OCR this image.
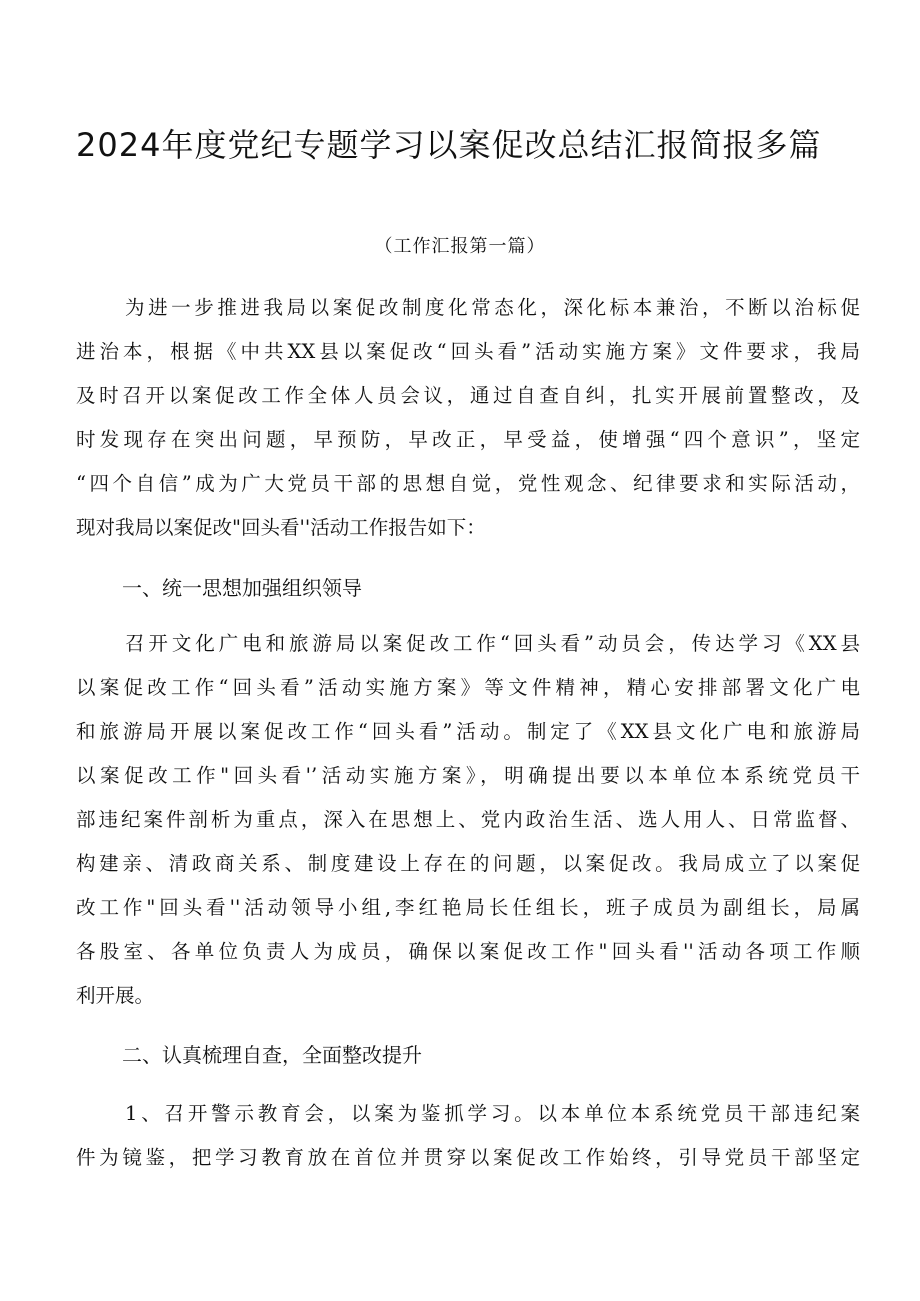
2024年度党纪专题学习以案促改总结汇报简报多篇
（工作汇报第一篇）
为进一步推进我局以案促改制度化常态化，深化标本兼治，不断以治标促
进治本，根据《中共XX县以案促改“回头看”活动实施方案》文件要求，我局
及时召开以案促改工作全体人员会议，通过自查自纠，扎实开展前置整改，及
时发现存在突出问题，早预防，早改正，早受益，使增强“四个意识”，坚定
“四个自信”成为广大党员干部的思想自觉，党性观念、纪律要求和实际活动，
现对我局以案促改"回头看''活动工作报告如下：
一、统一思想加强组织领导
召开文化广电和旅游局以案促改工作“回头看”动员会，传达学习《XX县
以案促改工作“回头看”活动实施方案》等文件精神，精心安排部署文化广电
和旅游局开展以案促改工作“回头看”活动。制定了《XX县文化广电和旅游局
以案促改工作"回头看'’活动实施方案》，明确提出要以本单位本系统党员干
部违纪案件剖析为重点，深入在思想上、党内政治生活、选人用人、日常监督、
构建亲、清政商关系、制度建设上存在的问题，以案促改。我局成立了以案促
改工作"回头看''活动领导小组,李红艳局长任组长，班子成员为副组长，局属
各股室、各单位负责人为成员，确保以案促改工作"回头看''活动各项工作顺
利开展。
二、认真梳理自查，全面整改提升
1、召开警示教育会，以案为鉴抓学习。以本单位本系统党员干部违纪案
件为镜鉴，把学习教育放在首位并贯穿以案促改工作始终，引导党员干部坚定
